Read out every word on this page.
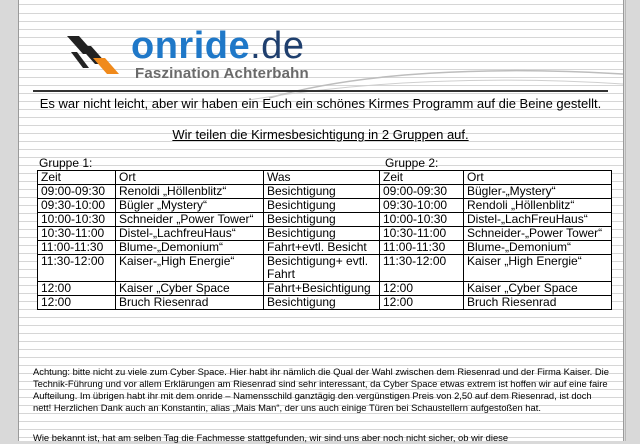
onride.de
Faszination Achterbahn
Es war nicht leicht, aber wir haben ein Euch ein schönes Kirmes Programm auf die Beine gestellt.
Wir teilen die Kirmesbesichtigung in 2 Gruppen auf.
Gruppe 1:	Gruppe 2:
Zeit	Ort	Was	Zeit	Ort
09:00-09:30	Renoldi „Höllenblitz“	Besichtigung	09:00-09:30	Bügler-„Mystery“
09:30-10:00	Bügler „Mystery“	Besichtigung	09:30-10:00	Rendoli „Höllenblitz“
10:00-10:30	Schneider „Power Tower“	Besichtigung	10:00-10:30	Distel-„LachFreuHaus“
10:30-11:00	Distel-„LachfreuHaus“	Besichtigung	10:30-11:00	Schneider-„Power Tower“
11:00-11:30	Blume-„Demonium“	Fahrt+evtl. Besicht	11:00-11:30	Blume-„Demonium“
11:30-12:00	Kaiser-„High Energie“	Besichtigung+ evtl. Fahrt	11:30-12:00	Kaiser „High Energie“
12:00	Kaiser „Cyber Space	Fahrt+Besichtigung	12:00	Kaiser „Cyber Space
12:00	Bruch Riesenrad	Besichtigung	12:00	Bruch Riesenrad
Achtung: bitte nicht zu viele zum Cyber Space. Hier habt ihr nämlich die Qual der Wahl zwischen dem Riesenrad und der Firma Kaiser. Die Technik-Führung und vor allem Erklärungen am Riesenrad sind sehr interessant, da Cyber Space etwas extrem ist hoffen wir auf eine faire Aufteilung. Im übrigen habt ihr mit dem onride – Namensschild ganztägig den vergünstigen Preis von 2,50 auf dem Riesenrad, ist doch nett! Herzlichen Dank auch an Konstantin, alias „Mais Man“, der uns auch einige Türen bei Schaustellern aufgestoßen hat.
Wie bekannt ist, hat am selben Tag die Fachmesse stattgefunden, wir sind uns aber noch nicht sicher, ob wir diese
